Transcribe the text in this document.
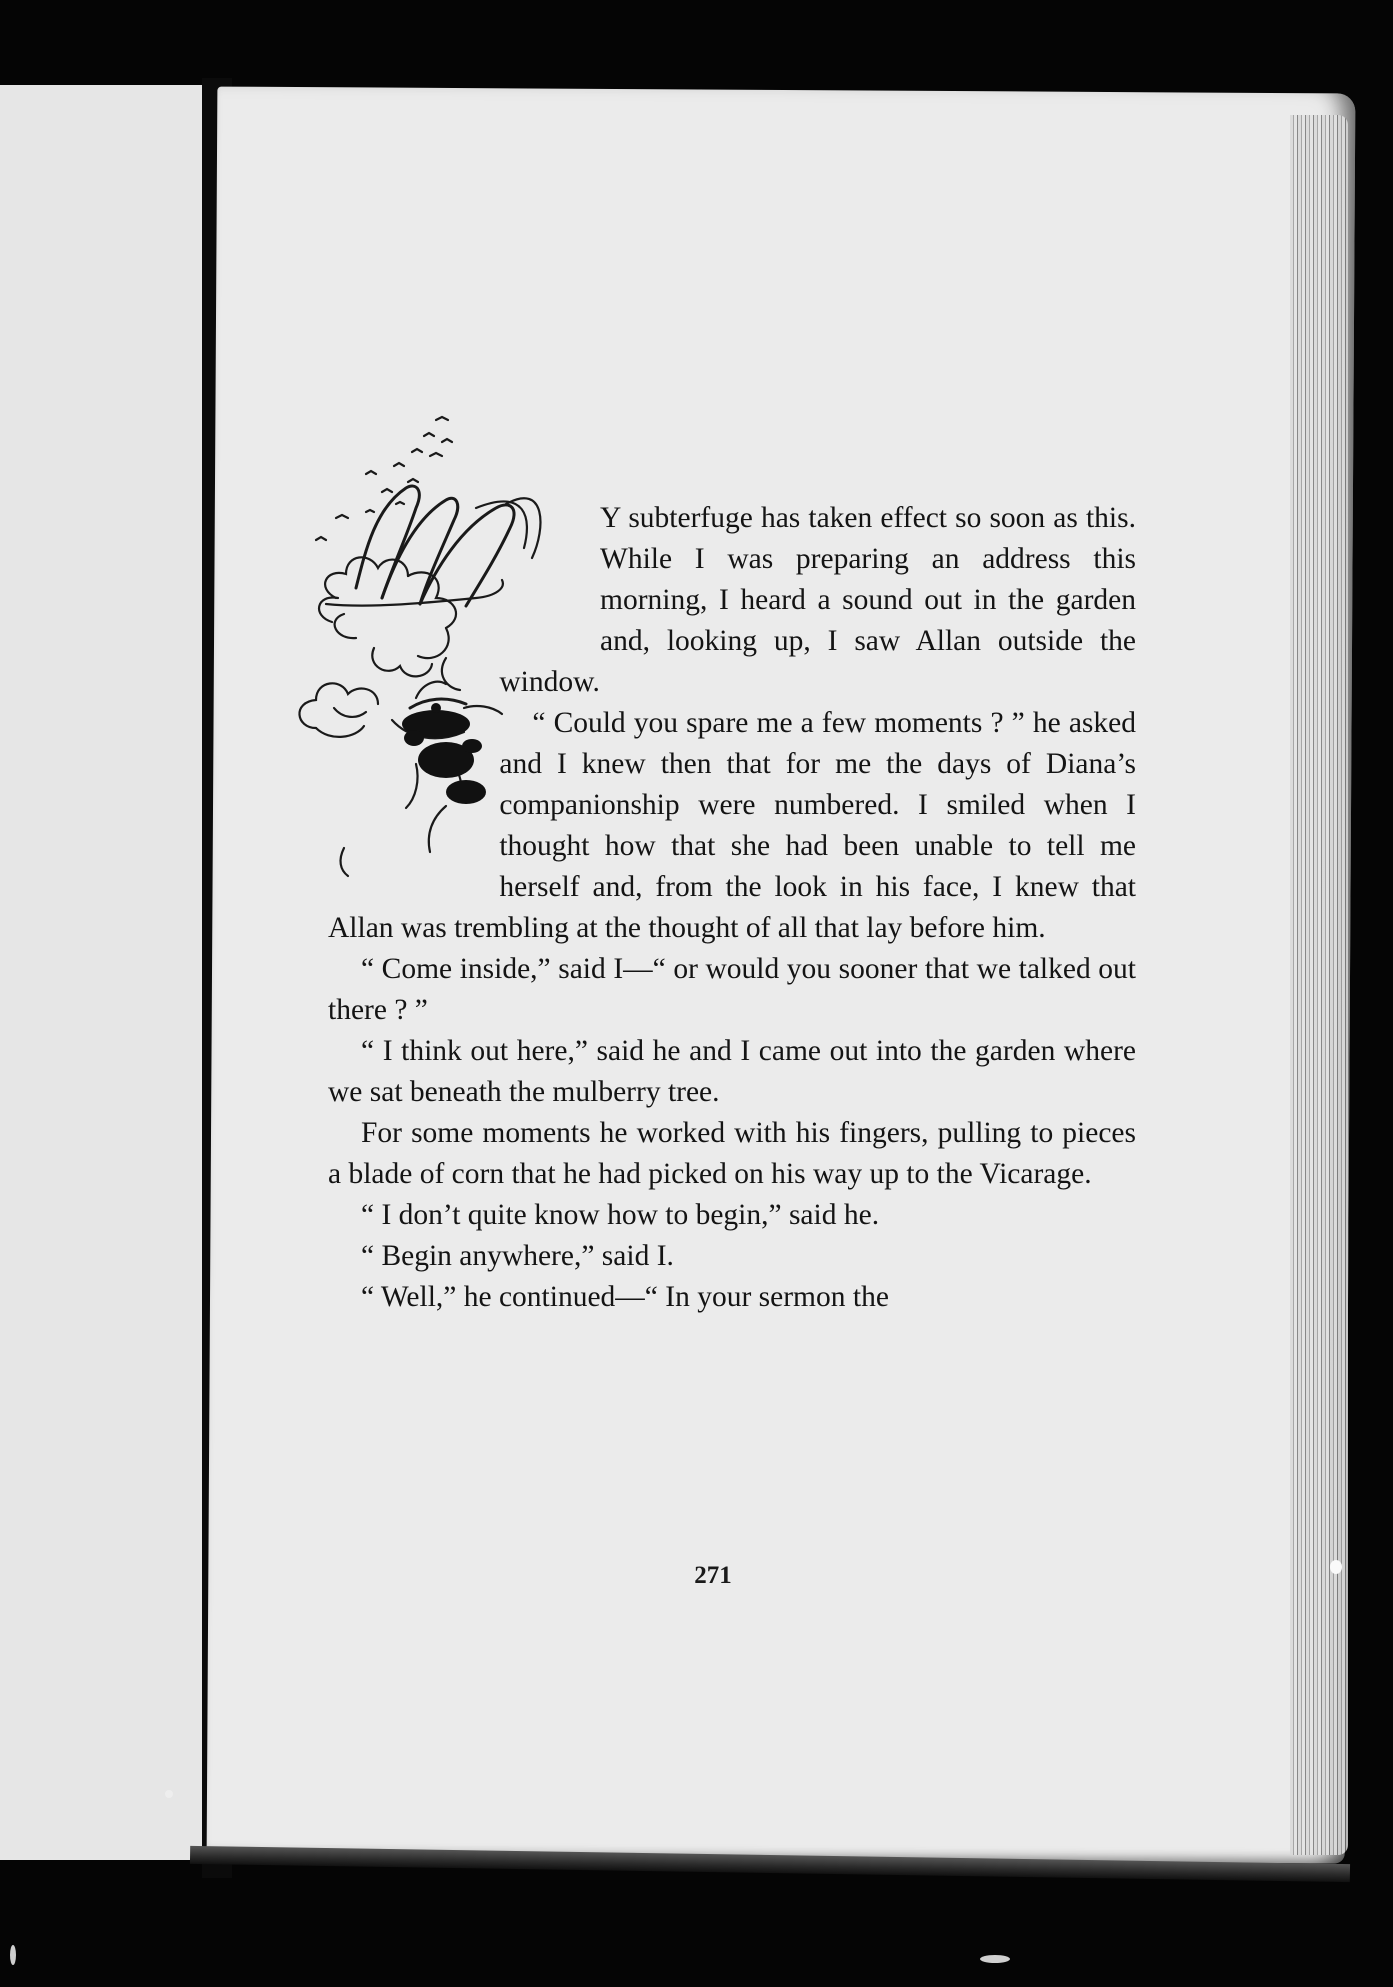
Y subterfuge has taken effect so soon as this. While I was preparing an address this morning, I heard a sound out in the garden and, looking up, I saw Allan outside the window.

“ Could you spare me a few moments ? ” he asked and I knew then that for me the days of Diana’s companionship were numbered. I smiled when I thought how that she had been unable to tell me herself and, from the look in his face, I knew that Allan was trembling at the thought of all that lay before him.

“ Come inside,” said I—“ or would you sooner that we talked out there ? ”

“ I think out here,” said he and I came out into the garden where we sat beneath the mulberry tree.

For some moments he worked with his fingers, pulling to pieces a blade of corn that he had picked on his way up to the Vicarage.

“ I don’t quite know how to begin,” said he.

“ Begin anywhere,” said I.

“ Well,” he continued—“ In your sermon the

271
